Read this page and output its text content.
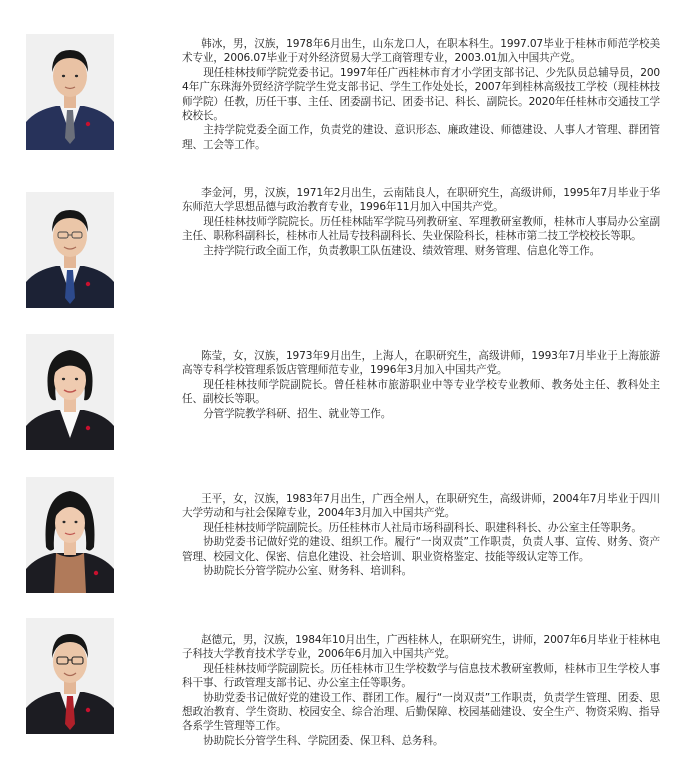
韩冰，男，汉族，1978年6月出生，山东龙口人，在职本科生。1997.07毕业于桂林市师范学校美术专业，2006.07毕业于对外经济贸易大学工商管理专业，2003.01加入中国共产党。

现任桂林技师学院党委书记。1997年任广西桂林市育才小学团支部书记、少先队员总辅导员，2004年广东珠海外贸经济学院学生党支部书记、学生工作处处长，2007年到桂林高级技工学校（现桂林技师学院）任教，历任干事、主任、团委副书记、团委书记、科长、副院长。2020年任桂林市交通技工学校校长。

主持学院党委全面工作，负责党的建设、意识形态、廉政建设、师德建设、人事人才管理、群团管理、工会等工作。

李金河，男，汉族，1971年2月出生，云南陆良人，在职研究生，高级讲师，1995年7月毕业于华东师范大学思想品德与政治教育专业，1996年11月加入中国共产党。

现任桂林技师学院院长。历任桂林陆军学院马列教研室、军理教研室教师，桂林市人事局办公室副主任、职称科副科长，桂林市人社局专技科副科长、失业保险科长，桂林市第二技工学校校长等职。

主持学院行政全面工作，负责教职工队伍建设、绩效管理、财务管理、信息化等工作。

陈莹，女，汉族，1973年9月出生，上海人，在职研究生，高级讲师，1993年7月毕业于上海旅游高等专科学校管理系饭店管理师范专业，1996年3月加入中国共产党。

现任桂林技师学院副院长。曾任桂林市旅游职业中等专业学校专业教师、教务处主任、教科处主任、副校长等职。

分管学院教学科研、招生、就业等工作。

王平，女，汉族，1983年7月出生，广西全州人，在职研究生，高级讲师，2004年7月毕业于四川大学劳动和与社会保障专业，2004年3月加入中国共产党。

现任桂林技师学院副院长。历任桂林市人社局市场科副科长、职建科科长、办公室主任等职务。

协助党委书记做好党的建设、组织工作。履行“一岗双责”工作职责，负责人事、宣传、财务、资产管理、校园文化、保密、信息化建设、社会培训、职业资格鉴定、技能等级认定等工作。

协助院长分管学院办公室、财务科、培训科。

赵德元，男，汉族，1984年10月出生，广西桂林人，在职研究生，讲师，2007年6月毕业于桂林电子科技大学教育技术学专业，2006年6月加入中国共产党。

现任桂林技师学院副院长。历任桂林市卫生学校数学与信息技术教研室教师，桂林市卫生学校人事科干事、行政管理支部书记、办公室主任等职务。

协助党委书记做好党的建设工作、群团工作。履行“一岗双责”工作职责，负责学生管理、团委、思想政治教育、学生资助、校园安全、综合治理、后勤保障、校园基础建设、安全生产、物资采购、指导各系学生管理等工作。

协助院长分管学生科、学院团委、保卫科、总务科。
